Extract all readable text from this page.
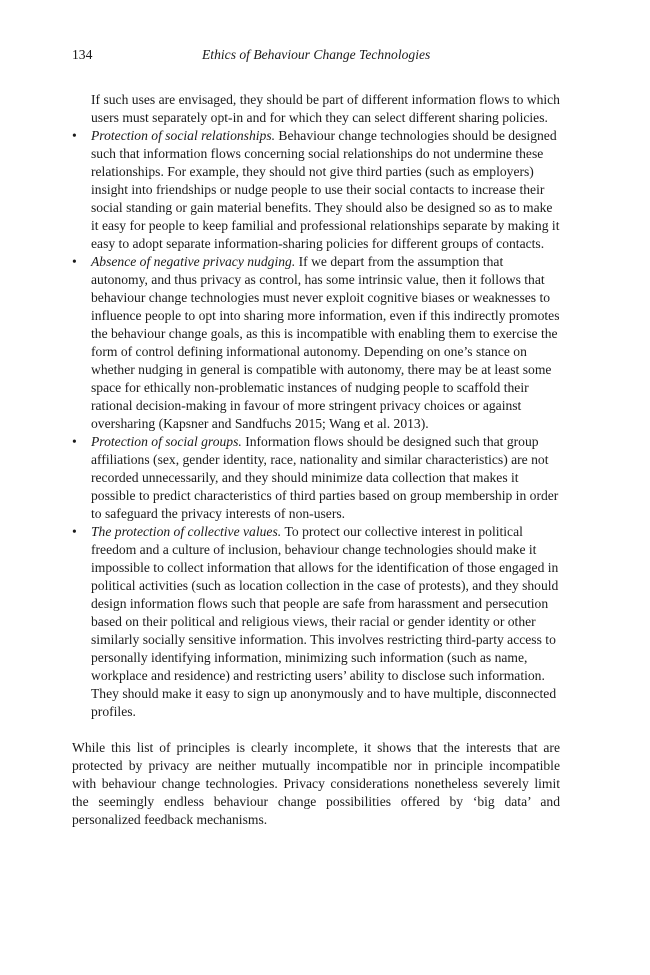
134	Ethics of Behaviour Change Technologies

If such uses are envisaged, they should be part of different information flows to which users must separately opt-in and for which they can select different sharing policies.

• Protection of social relationships. Behaviour change technologies should be designed such that information flows concerning social relationships do not undermine these relationships. For example, they should not give third parties (such as employers) insight into friendships or nudge people to use their social contacts to increase their social standing or gain material benefits. They should also be designed so as to make it easy for people to keep familial and professional relationships separate by making it easy to adopt separate information-sharing policies for different groups of contacts.
• Absence of negative privacy nudging. If we depart from the assumption that autonomy, and thus privacy as control, has some intrinsic value, then it follows that behaviour change technologies must never exploit cognitive biases or weaknesses to influence people to opt into sharing more information, even if this indirectly promotes the behaviour change goals, as this is incompatible with enabling them to exercise the form of control defining informational autonomy. Depending on one’s stance on whether nudging in general is compatible with autonomy, there may be at least some space for ethically non-problematic instances of nudging people to scaffold their rational decision-making in favour of more stringent privacy choices or against oversharing (Kapsner and Sandfuchs 2015; Wang et al. 2013).
• Protection of social groups. Information flows should be designed such that group affiliations (sex, gender identity, race, nationality and similar characteristics) are not recorded unnecessarily, and they should minimize data collection that makes it possible to predict characteristics of third parties based on group membership in order to safeguard the privacy interests of non-users.
• The protection of collective values. To protect our collective interest in political freedom and a culture of inclusion, behaviour change technologies should make it impossible to collect information that allows for the identification of those engaged in political activities (such as location collection in the case of protests), and they should design information flows such that people are safe from harassment and persecution based on their political and religious views, their racial or gender identity or other similarly socially sensitive information. This involves restricting third-party access to personally identifying information, minimizing such information (such as name, workplace and residence) and restricting users’ ability to disclose such information. They should make it easy to sign up anonymously and to have multiple, disconnected profiles.

While this list of principles is clearly incomplete, it shows that the interests that are protected by privacy are neither mutually incompatible nor in principle incompatible with behaviour change technologies. Privacy considerations nonetheless severely limit the seemingly endless behaviour change possibilities offered by ‘big data’ and personalized feedback mechanisms.
